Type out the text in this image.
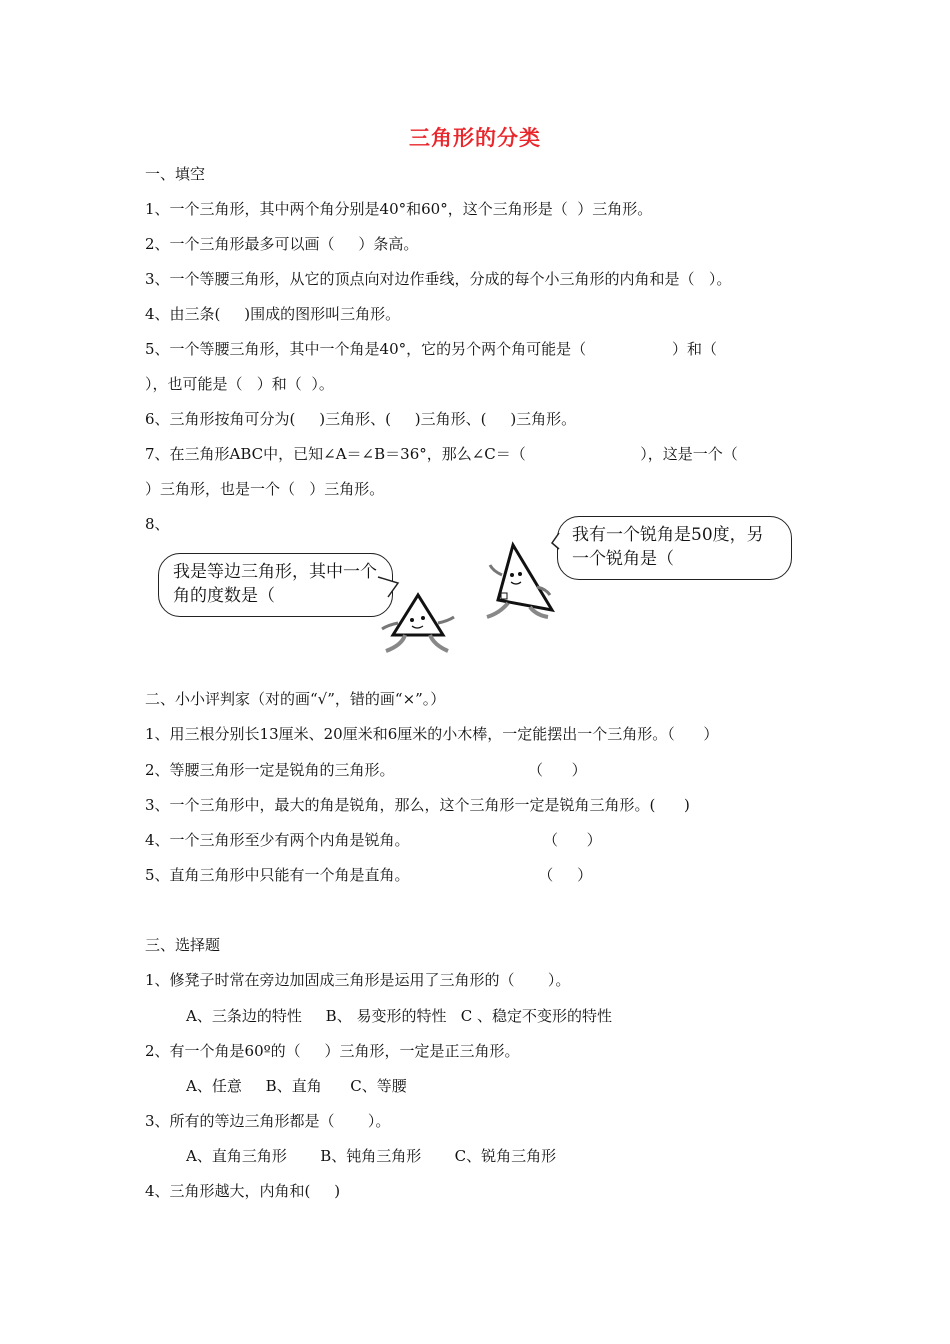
三角形的分类
一、填空
1、一个三角形，其中两个角分别是40°和60°，这个三角形是（  ）三角形。
2、一个三角形最多可以画（     ）条高。
3、一个等腰三角形，从它的顶点向对边作垂线，分成的每个小三角形的内角和是（   ）。
4、由三条(     )围成的图形叫三角形。
5、一个等腰三角形，其中一个角是40°，它的另个两个角可能是（                  ）和（
），也可能是（   ）和（  ）。
6、三角形按角可分为(     )三角形、(     )三角形、(     )三角形。
7、在三角形ABC中，已知∠A＝∠B＝36°，那么∠C＝（                        ），这是一个（
）三角形，也是一个（   ）三角形。
8、
我是等边三角形，其中一个角的度数是（
我有一个锐角是50度，另一个锐角是（
二、小小评判家（对的画“√”，错的画“×”。）
1、用三根分别长13厘米、20厘米和6厘米的小木棒，一定能摆出一个三角形。（      ）
2、等腰三角形一定是锐角的三角形。                            （      ）
3、一个三角形中，最大的角是锐角，那么，这个三角形一定是锐角三角形。(      )
4、一个三角形至少有两个内角是锐角。                            （      ）
5、直角三角形中只能有一个角是直角。                           （     ）
三、选择题
1、修凳子时常在旁边加固成三角形是运用了三角形的（       ）。
A、三条边的特性     B、 易变形的特性   C 、稳定不变形的特性
2、有一个角是60º的（     ）三角形，一定是正三角形。
A、任意     B、直角      C、等腰
3、所有的等边三角形都是（       ）。
A、直角三角形       B、钝角三角形       C、锐角三角形
4、三角形越大，内角和(     )
